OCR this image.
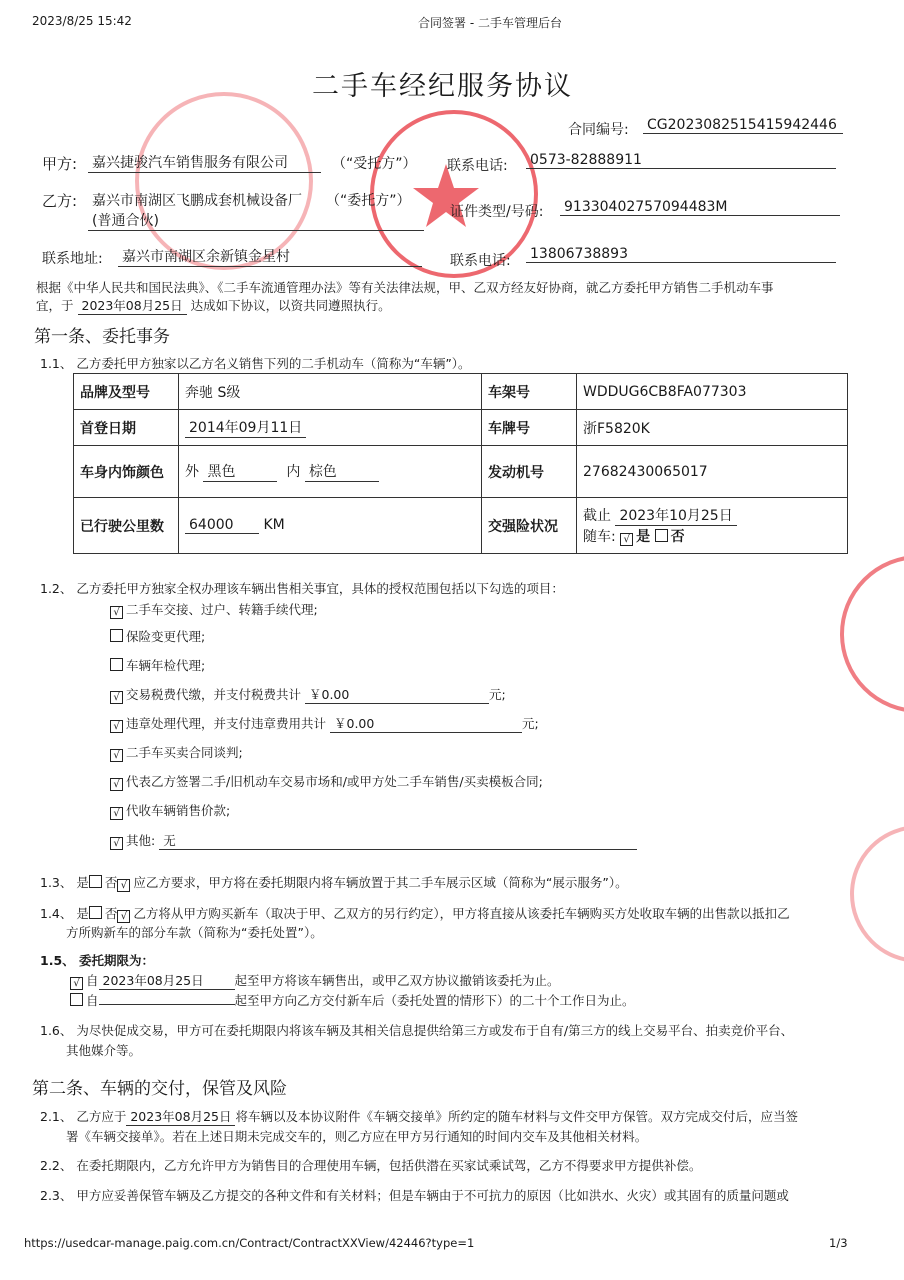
2023/8/25 15:42	合同签署 - 二手车管理后台
二手车经纪服务协议
合同编号: CG2023082515415942446
甲方: 嘉兴捷骏汽车销售服务有限公司	（“受托方”） 联系电话: 0573-82888911
乙方: 嘉兴市南湖区飞鹏成套机械设备厂 （“委托方”）
(普通合伙)
证件类型/号码: 91330402757094483M
联系地址: 嘉兴市南湖区余新镇金星村	联系电话: 13806738893
根据《中华人民共和国民法典》、《二手车流通管理办法》等有关法律法规，甲、乙双方经友好协商，就乙方委托甲方销售二手机动车事
宜，于 2023年08月25日 达成如下协议，以资共同遵照执行。
第一条、委托事务
1.1、 乙方委托甲方独家以乙方名义销售下列的二手机动车（简称为“车辆”）。
品牌及型号	奔驰 S级	车架号	WDDUG6CB8FA077303
首登日期	2014年09月11日	车牌号	浙F5820K
车身内饰颜色	外 黑色 内 棕色	发动机号	27682430065017
已行驶公里数	64000 KM	交强险状况	截止 2023年10月25日
随车: √ 是 否
1.2、 乙方委托甲方独家全权办理该车辆出售相关事宜，具体的授权范围包括以下勾选的项目：
√ 二手车交接、过户、转籍手续代理;
保险变更代理;
车辆年检代理;
√ 交易税费代缴，并支付税费共计 ￥0.00	元;
√ 违章处理代理，并支付违章费用共计 ￥0.00	元;
√ 二手车买卖合同谈判;
√ 代表乙方签署二手/旧机动车交易市场和/或甲方处二手车销售/买卖模板合同;
√ 代收车辆销售价款;
√ 其他: 无
1.3、 是 否 √ 应乙方要求，甲方将在委托期限内将车辆放置于其二手车展示区域（简称为“展示服务”）。
1.4、 是 否 √ 乙方将从甲方购买新车（取决于甲、乙双方的另行约定），甲方将直接从该委托车辆购买方处收取车辆的出售款以抵扣乙
方所购新车的部分车款（简称为“委托处置”）。
1.5、 委托期限为：
√ 自 2023年08月25日 起至甲方将该车辆售出，或甲乙双方协议撤销该委托为止。
自	起至甲方向乙方交付新车后（委托处置的情形下）的二十个工作日为止。
1.6、 为尽快促成交易，甲方可在委托期限内将该车辆及其相关信息提供给第三方或发布于自有/第三方的线上交易平台、拍卖竞价平台、
其他媒介等。
第二条、车辆的交付，保管及风险
2.1、 乙方应于 2023年08月25日 将车辆以及本协议附件《车辆交接单》所约定的随车材料与文件交甲方保管。双方完成交付后，应当签
署《车辆交接单》。若在上述日期未完成交车的，则乙方应在甲方另行通知的时间内交车及其他相关材料。
2.2、 在委托期限内，乙方允许甲方为销售目的合理使用车辆，包括供潜在买家试乘试驾，乙方不得要求甲方提供补偿。
2.3、 甲方应妥善保管车辆及乙方提交的各种文件和有关材料；但是车辆由于不可抗力的原因（比如洪水、火灾）或其固有的质量问题或
https://usedcar-manage.paig.com.cn/Contract/ContractXXView/42446?type=1	1/3
